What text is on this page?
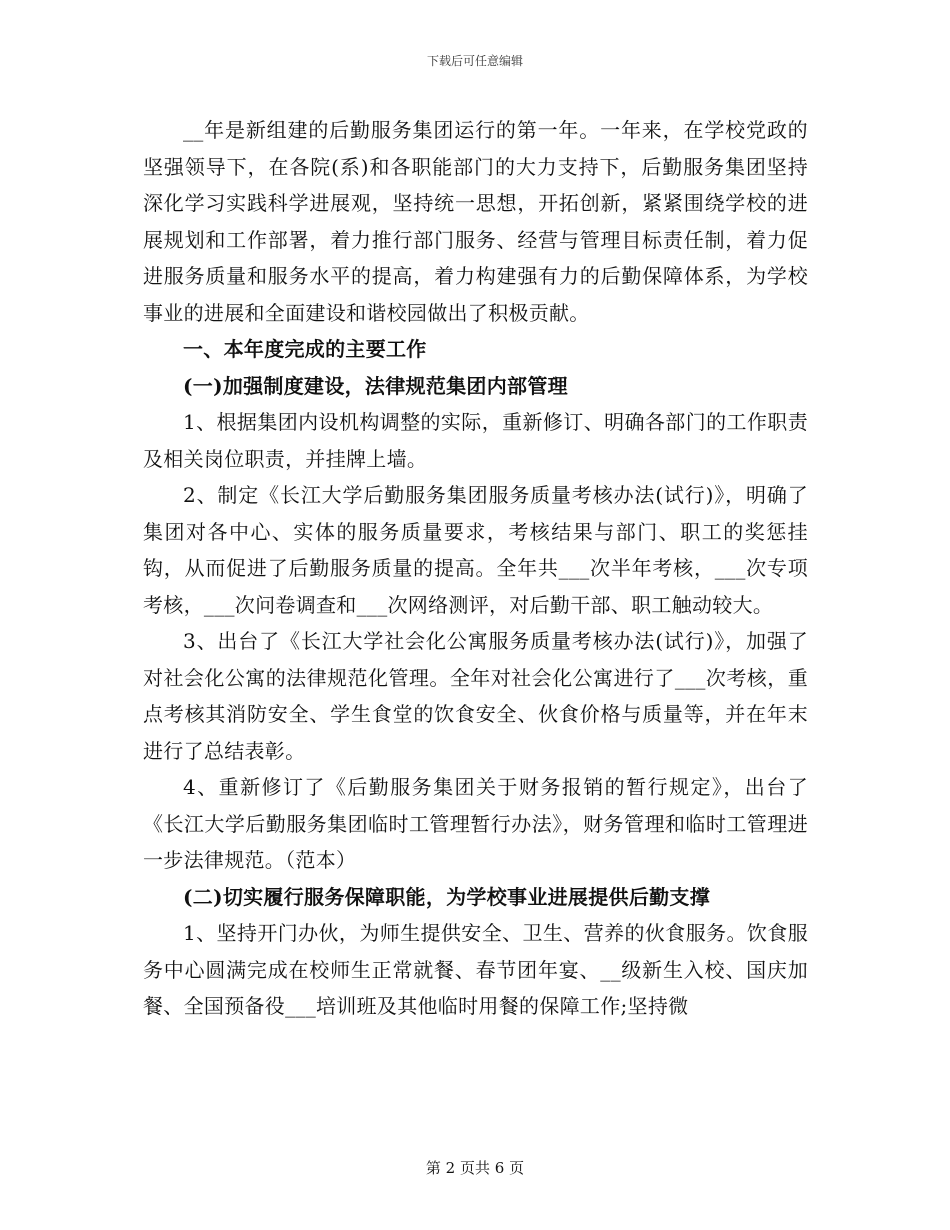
下载后可任意编辑

__年是新组建的后勤服务集团运行的第一年。一年来，在学校党政的坚强领导下，在各院(系)和各职能部门的大力支持下，后勤服务集团坚持深化学习实践科学进展观，坚持统一思想，开拓创新，紧紧围绕学校的进展规划和工作部署，着力推行部门服务、经营与管理目标责任制，着力促进服务质量和服务水平的提高，着力构建强有力的后勤保障体系，为学校事业的进展和全面建设和谐校园做出了积极贡献。

一、本年度完成的主要工作

(一)加强制度建设，法律规范集团内部管理

1、根据集团内设机构调整的实际，重新修订、明确各部门的工作职责及相关岗位职责，并挂牌上墙。

2、制定《长江大学后勤服务集团服务质量考核办法(试行)》，明确了集团对各中心、实体的服务质量要求，考核结果与部门、职工的奖惩挂钩，从而促进了后勤服务质量的提高。全年共___次半年考核，___次专项考核，___次问卷调查和___次网络测评，对后勤干部、职工触动较大。

3、出台了《长江大学社会化公寓服务质量考核办法(试行)》，加强了对社会化公寓的法律规范化管理。全年对社会化公寓进行了___次考核，重点考核其消防安全、学生食堂的饮食安全、伙食价格与质量等，并在年末进行了总结表彰。

4、重新修订了《后勤服务集团关于财务报销的暂行规定》，出台了《长江大学后勤服务集团临时工管理暂行办法》，财务管理和临时工管理进一步法律规范。（范本）

(二)切实履行服务保障职能，为学校事业进展提供后勤支撑

1、坚持开门办伙，为师生提供安全、卫生、营养的伙食服务。饮食服务中心圆满完成在校师生正常就餐、春节团年宴、__级新生入校、国庆加餐、全国预备役___培训班及其他临时用餐的保障工作;坚持微

第 2 页共 6 页
